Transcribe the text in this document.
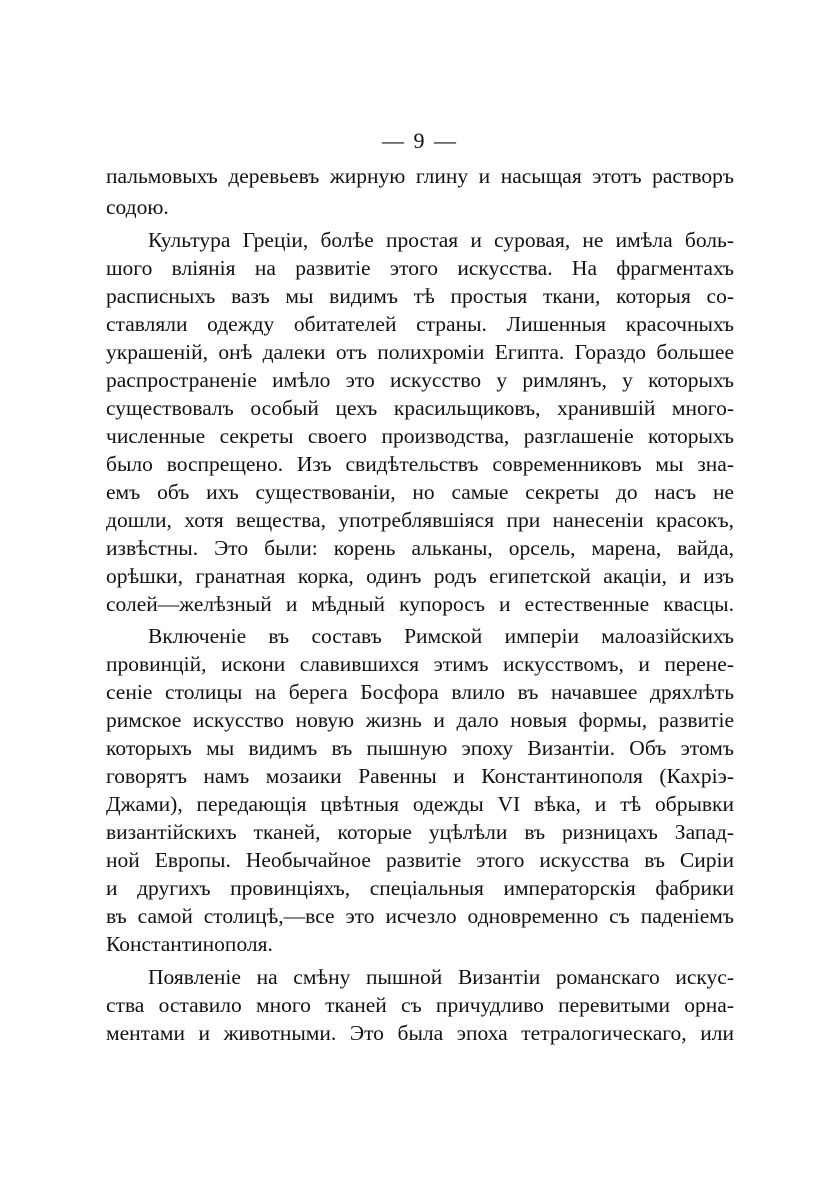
— 9 —
пальмовыхъ деревьевъ жирную глину и насыщая этотъ растворъ
содою.
Культура Грецiи, болѣе простая и суровая, не имѣла боль-
шого вліянія на развитіе этого искусства. На фрагментахъ
расписныхъ вазъ мы видимъ тѣ простыя ткани, которыя со-
ставляли одежду обитателей страны. Лишенныя красочныхъ
украшеній, онѣ далеки отъ полихроміи Египта. Гораздо большее
распространеніе имѣло это искусство у римлянъ, у которыхъ
существовалъ особый цехъ красильщиковъ, хранившій много-
численные секреты своего производства, разглашеніе которыхъ
было воспрещено. Изъ свидѣтельствъ современниковъ мы зна-
емъ объ ихъ существованіи, но самые секреты до насъ не
дошли, хотя вещества, употреблявшіяся при нанесеніи красокъ,
извѣстны. Это были: корень альканы, орсель, марена, вайда,
орѣшки, гранатная корка, одинъ родъ египетской акаціи, и изъ
солей—желѣзный и мѣдный купоросъ и естественные квасцы.
Включеніе въ составъ Римской имперіи малоазійскихъ
провинцій, искони славившихся этимъ искусствомъ, и перене-
сеніе столицы на берега Босфора влило въ начавшее дряхлѣть
римское искусство новую жизнь и дало новыя формы, развитіе
которыхъ мы видимъ въ пышную эпоху Византіи. Объ этомъ
говорятъ намъ мозаики Равенны и Константинополя (Кахріэ-
Джами), передающія цвѣтныя одежды VI вѣка, и тѣ обрывки
византійскихъ тканей, которые уцѣлѣли въ ризницахъ Запад-
ной Европы. Необычайное развитіе этого искусства въ Сиріи
и другихъ провинціяхъ, спеціальныя императорскія фабрики
въ самой столицѣ,—все это исчезло одновременно съ паденіемъ
Константинополя.
Появленіе на смѣну пышной Византіи романскаго искус-
ства оставило много тканей съ причудливо перевитыми орна-
ментами и животными. Это была эпоха тетралогическаго, или
